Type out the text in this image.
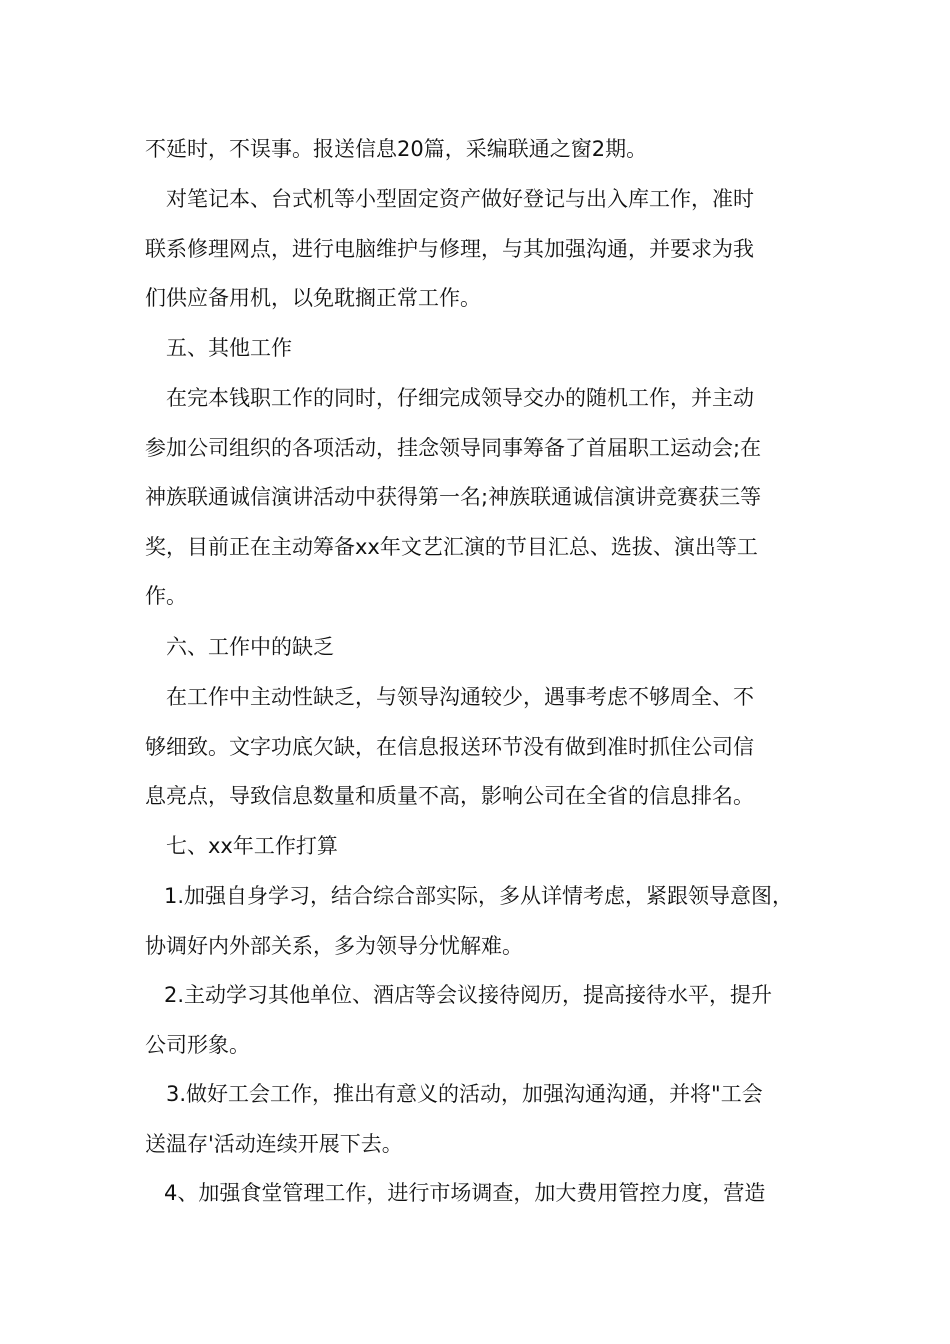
不延时，不误事。报送信息20篇，采编联通之窗2期。
对笔记本、台式机等小型固定资产做好登记与出入库工作，准时
联系修理网点，进行电脑维护与修理，与其加强沟通，并要求为我
们供应备用机，以免耽搁正常工作。
五、其他工作
在完本钱职工作的同时，仔细完成领导交办的随机工作，并主动
参加公司组织的各项活动，挂念领导同事筹备了首届职工运动会;在
神族联通诚信演讲活动中获得第一名;神族联通诚信演讲竞赛获三等
奖，目前正在主动筹备xx年文艺汇演的节目汇总、选拔、演出等工
作。
六、工作中的缺乏
在工作中主动性缺乏，与领导沟通较少，遇事考虑不够周全、不
够细致。文字功底欠缺，在信息报送环节没有做到准时抓住公司信
息亮点，导致信息数量和质量不高，影响公司在全省的信息排名。
七、xx年工作打算
1.加强自身学习，结合综合部实际，多从详情考虑，紧跟领导意图，
协调好内外部关系，多为领导分忧解难。
2.主动学习其他单位、酒店等会议接待阅历，提高接待水平，提升
公司形象。
3.做好工会工作，推出有意义的活动，加强沟通沟通，并将"工会
送温存'活动连续开展下去。
4、加强食堂管理工作，进行市场调查，加大费用管控力度，营造
